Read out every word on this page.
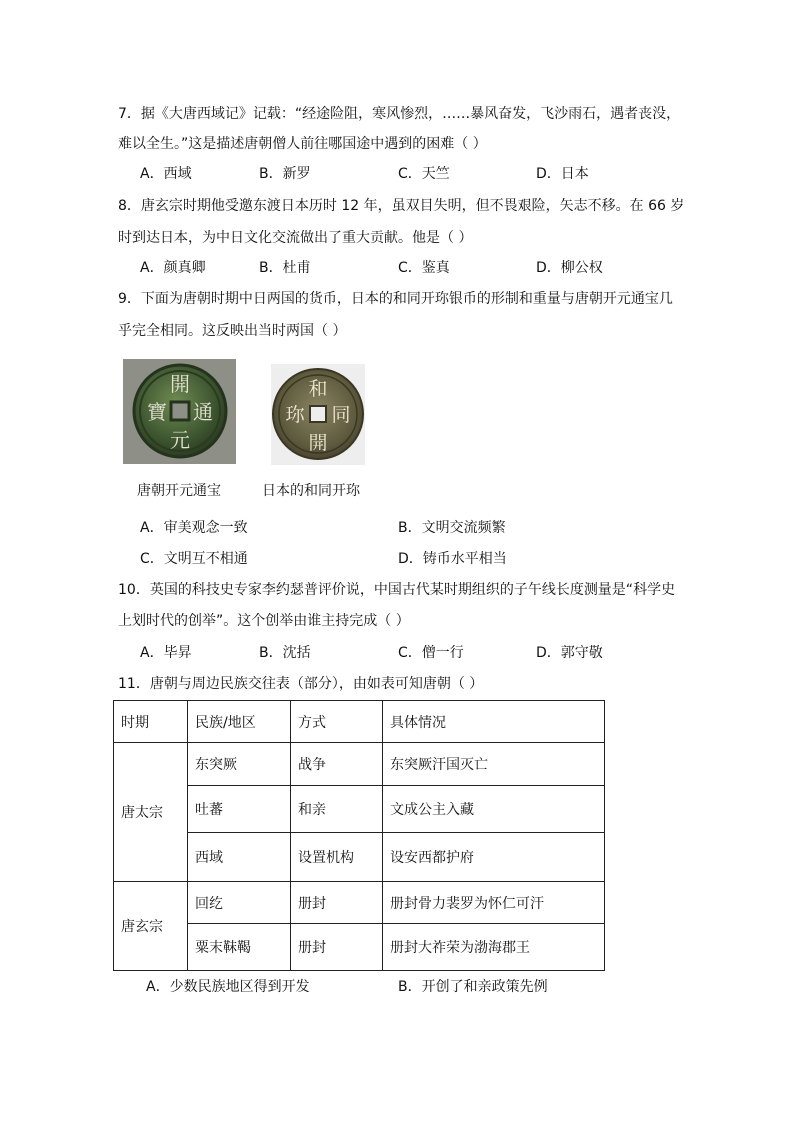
7．据《大唐西域记》记载：“经途险阻，寒风惨烈，……暴风奋发，飞沙雨石，遇者丧没，
难以全生。”这是描述唐朝僧人前往哪国途中遇到的困难（ ）
A．西域	B．新罗	C．天竺	D．日本
8．唐玄宗时期他受邀东渡日本历时 12 年，虽双目失明，但不畏艰险，矢志不移。在 66 岁
时到达日本，为中日文化交流做出了重大贡献。他是（ ）
A．颜真卿	B．杜甫	C．鉴真	D．柳公权
9．下面为唐朝时期中日两国的货币，日本的和同开珎银币的形制和重量与唐朝开元通宝几
乎完全相同。这反映出当时两国（ ）
開
元
寶 通
和
開
珎 同
唐朝开元通宝	日本的和同开珎
A．审美观念一致	B．文明交流频繁
C．文明互不相通	D．铸币水平相当
10．英国的科技史专家李约瑟普评价说，中国古代某时期组织的子午线长度测量是“科学史
上划时代的创举”。这个创举由谁主持完成（ ）
A．毕昇	B．沈括	C．僧一行	D．郭守敬
11．唐朝与周边民族交往表（部分），由如表可知唐朝（ ）
时期	民族/地区	方式	具体情况
唐太宗	东突厥	战争	东突厥汗国灭亡
	吐蕃	和亲	文成公主入藏
	西域	设置机构	设安西都护府
唐玄宗	回纥	册封	册封骨力裴罗为怀仁可汗
	粟末靺鞨	册封	册封大祚荣为渤海郡王
A．少数民族地区得到开发	B．开创了和亲政策先例
